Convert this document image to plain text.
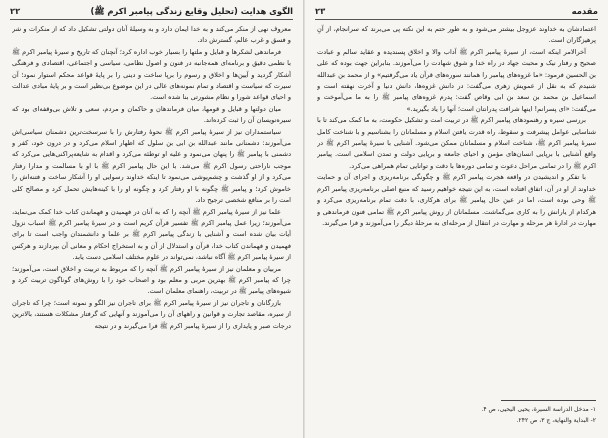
الگوی هدایت (تحلیل وقایع زندگی پیامبر اکرم ﷺ)
۲۲

معروف نهی از منکر می‌کند و به خدا ایمان دارد و به وسیلهٔ آنان دولتی تشکیل داد که از منکرات و شر و فسق و غرب عالم، گسترش داد.

فرماندهی لشکرها و قبایل و ملتها را بسیار خوب اداره کرد؛ آنچنان که تاریخ و سیرهٔ پیامبر اکرم ﷺ با نظمی دقیق و برنامه‌ای همه‌جانبه در فنون و اصول نظامی، سیاسی و اجتماعی، اقتصادی و فرهنگی آشکار گردید و آیین‌ها و اخلاق و رسوم را برپا ساخت و دینی را بر پایهٔ قواعد محکم استوار نمود؛ آن سیرت که سیاست و اقتصاد و تمام نمونه‌های عالی در این موضوع بی‌نظیر است و بر پایهٔ مبادی عدالت و احیای قواعد شورا و نظام مشورتی بنا شده است.

میان دولتها و قبایل و قومها، میان فرماندهان و حاکمان و مردم، سعی و تلاش بی‌وقفه‌ای بود که سیره‌نویسان آن را ثبت کرده‌اند.

سیاستمداران نیز از سیرهٔ پیامبر اکرم ﷺ نحوهٔ رفتارش را با سرسخت‌ترین دشمنان سیاسی‌اش می‌آموزند: دشمنانی مانند عبدالله بن ابی بن سلول که اظهار اسلام می‌کرد و در درون خود، کفر و دشمنی با پیامبر ﷺ را پنهان می‌نمود و علیه او توطئه می‌کرد و اقدام به شایعه‌پراکنی‌هایی می‌کرد که موجب ناراحتی رسول اکرم ﷺ می‌شد. با این حال پیامبر اکرم ﷺ با او با مسالمت و مدارا رفتار می‌کرد و از او گذشت و چشم‌پوشی می‌نمود تا اینکه خداوند رسوایی او را آشکار ساخت و فتنه‌اش را خاموش کرد؛ و پیامبر ﷺ چگونه با او رفتار کرد و چگونه او را با کینه‌هایش تحمل کرد و مصالح کلی امت را بر منافع شخصی ترجیح داد.

علما نیز از سیرهٔ پیامبر اکرم ﷺ آنچه را که به آنان در فهمیدن و فهماندن کتاب خدا کمک می‌نماید، می‌آموزند؛ زیرا عمل پیامبر اکرم ﷺ تفسیر قرآن کریم است و در سیرهٔ پیامبر اکرم ﷺ اسباب نزول آیات بیان شده است و آشنایی با زندگی پیامبر اکرم ﷺ بر علما و دانشمندان واجب است تا برای فهمیدن و فهماندن کتاب خدا، قرآن و استدلال از آن و به استخراج احکام و معانی آن بپردازند و هرکس از سیرهٔ پیامبر اکرم ﷺ آگاه نباشد، نمی‌تواند در علوم مختلف اسلامی دست یابد.

مربیان و معلمان نیز از سیرهٔ پیامبر اکرم ﷺ آنچه را که مربوط به تربیت و اخلاق است، می‌آموزند؛ چرا که پیامبر اکرم ﷺ بهترین مربی و معلم بود و اصحاب خود را با روش‌های گوناگون تربیت کرد و شیوه‌های پیامبر ﷺ در تربیت، راهنمای معلمان است.

بازرگانان و تاجران نیز از سیرهٔ پیامبر اکرم ﷺ برای تاجران نیز الگو و نمونه است؛ چرا که تاجران از سیره، مقاصد تجارت و قوانین و راههای آن را می‌آموزند و آنهایی که گرفتار مشکلات هستند، بالاترین درجات صبر و پایداری را از سیرهٔ پیامبر اکرم ﷺ فرا می‌گیرند و در نتیجه

مقدمه
۲۳

اعتمادشان به خداوند عزوجل بیشتر می‌شود و به طور حتم به این نکته پی می‌برند که سرانجام، از آنِ پرهیزگاران است.

آخرالامر اینکه است، از سیرهٔ پیامبر اکرم ﷺ آداب والا و اخلاق پسندیده و عقاید سالم و عبادت صحیح و رفتار نیک و محبت جهاد در راه خدا و شوق شهادت را می‌آموزند. بنابراین جهت بوده که علی بن الحسین فرمود: «ما غزوه‌های پیامبر را همانند سوره‌های قرآن یاد می‌گرفتیم» و از محمد بن عبدالله شنیدم که به نقل از عمویش زهری می‌گفت: در دانش غزوه‌ها، دانش دنیا و آخرت نهفته است و اسماعیل بن محمد بن سعد بن ابی وقاص گفت: پدرم غزوه‌های پیامبر ﷺ را به ما می‌آموخت و می‌گفت: «ای پسرانم! اینها شرافت پدرانتان است؛ آنها را یاد بگیرید.»

بررسی سیره و رهنمودهای پیامبر اکرم ﷺ در تربیت امت و تشکیل حکومت، به ما کمک می‌کند تا با شناسایی عوامل پیشرفت و سقوط، راه قدرت یافتن اسلام و مسلمانان را بشناسیم و با شناخت کامل سیرهٔ پیامبر اکرم ﷺ، شناخت اسلام و مسلمانان ممکن می‌شود. آشنایی با سیرهٔ پیامبر اکرم ﷺ در واقع آشنایی با برپایی انسان‌های مؤمن و احیای جامعه و برپایی دولت و تمدن اسلامی است. پیامبر اکرم ﷺ را در تمامی مراحل دعوت و تمامی دوره‌ها با دقت و توانایی تمام همراهی می‌کرد.

با تفکر و اندیشیدن در واقعه هجرت پیامبر اکرم ﷺ و چگونگی برنامه‌ریزی و اجرای آن و حمایت خداوند از او در آن، اتفاق افتاده است، به این نتیجه خواهیم رسید که منبع اصلی برنامه‌ریزی پیامبر اکرم ﷺ وحی بوده است، اما در عین حال پیامبر ﷺ برای هرکاری، با دقت تمام برنامه‌ریزی می‌کرد و هرکدام از یارانش را به کاری می‌گماشت. مسلمانان از روش پیامبر اکرم ﷺ تمامی فنون فرماندهی و مهارت در ادارهٔ هر مرحله و مهارت در انتقال از مرحله‌ای به مرحلهٔ دیگر را می‌آموزند و فرا می‌گیرند.

۱- مدخل الدراسة السيرة، يحيى اليحيى، ص ۴.
۲- البداية والنهاية، ج ۳، ص ۲۴۲.
